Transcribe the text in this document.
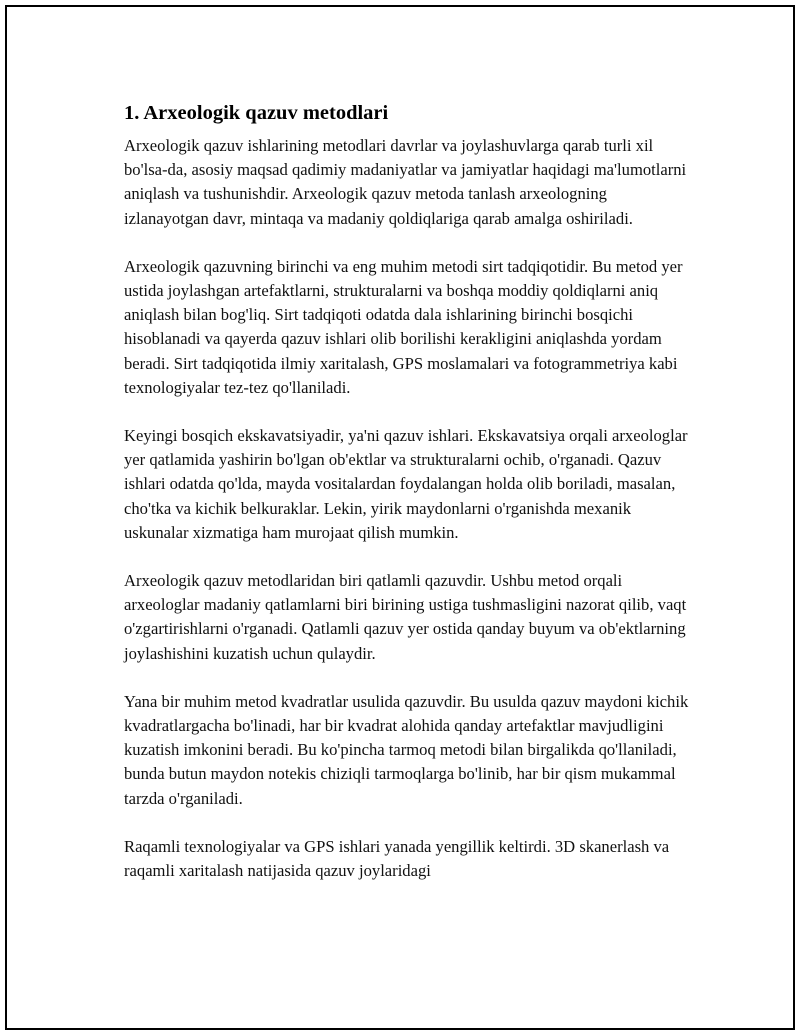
1. Arxeologik qazuv metodlari

Arxeologik qazuv ishlarining metodlari davrlar va joylashuvlarga qarab turli xil bo'lsa-da, asosiy maqsad qadimiy madaniyatlar va jamiyatlar haqidagi ma'lumotlarni aniqlash va tushunishdir. Arxeologik qazuv metoda tanlash arxeologning izlanayotgan davr, mintaqa va madaniy qoldiqlariga qarab amalga oshiriladi.

Arxeologik qazuvning birinchi va eng muhim metodi sirt tadqiqotidir. Bu metod yer ustida joylashgan artefaktlarni, strukturalarni va boshqa moddiy qoldiqlarni aniq aniqlash bilan bog'liq. Sirt tadqiqoti odatda dala ishlarining birinchi bosqichi hisoblanadi va qayerda qazuv ishlari olib borilishi kerakligini aniqlashda yordam beradi. Sirt tadqiqotida ilmiy xaritalash, GPS moslamalari va fotogrammetriya kabi texnologiyalar tez-tez qo'llaniladi.

Keyingi bosqich ekskavatsiyadir, ya'ni qazuv ishlari. Ekskavatsiya orqali arxeologlar yer qatlamida yashirin bo'lgan ob'ektlar va strukturalarni ochib, o'rganadi. Qazuv ishlari odatda qo'lda, mayda vositalardan foydalangan holda olib boriladi, masalan, cho'tka va kichik belkuraklar. Lekin, yirik maydonlarni o'rganishda mexanik uskunalar xizmatiga ham murojaat qilish mumkin.

Arxeologik qazuv metodlaridan biri qatlamli qazuvdir. Ushbu metod orqali arxeologlar madaniy qatlamlarni biri birining ustiga tushmasligini nazorat qilib, vaqt o'zgartirishlarni o'rganadi. Qatlamli qazuv yer ostida qanday buyum va ob'ektlarning joylashishini kuzatish uchun qulaydir.

Yana bir muhim metod kvadratlar usulida qazuvdir. Bu usulda qazuv maydoni kichik kvadratlargacha bo'linadi, har bir kvadrat alohida qanday artefaktlar mavjudligini kuzatish imkonini beradi. Bu ko'pincha tarmoq metodi bilan birgalikda qo'llaniladi, bunda butun maydon notekis chiziqli tarmoqlarga bo'linib, har bir qism mukammal tarzda o'rganiladi.

Raqamli texnologiyalar va GPS ishlari yanada yengillik keltirdi. 3D skanerlash va raqamli xaritalash natijasida qazuv joylaridagi
